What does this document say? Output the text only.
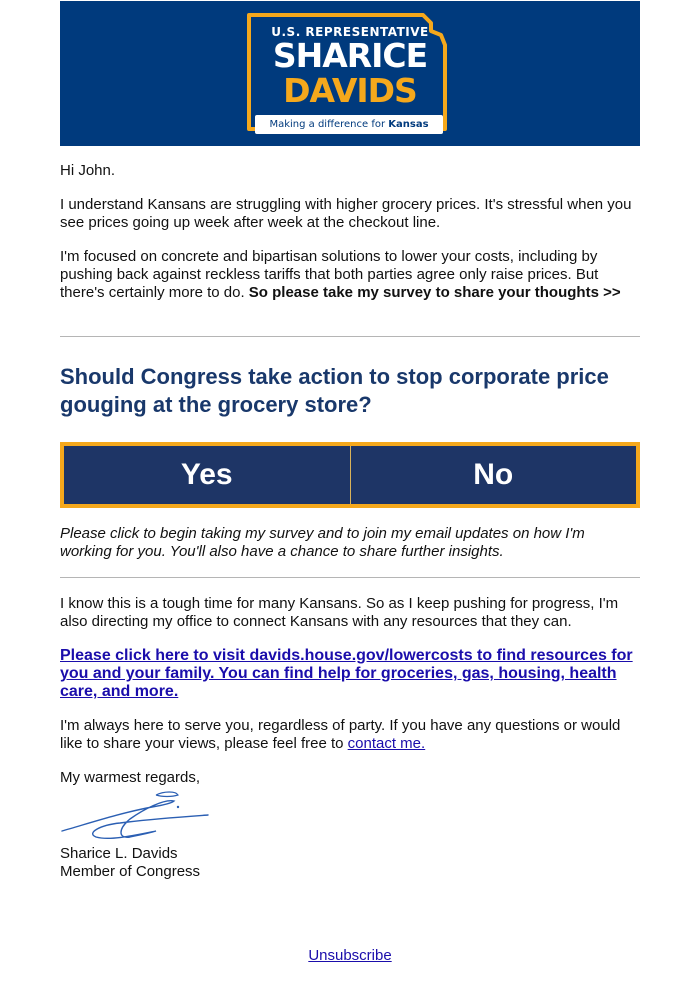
U.S. REPRESENTATIVE
SHARICE
DAVIDS
Making a difference for Kansas

Hi John.

I understand Kansans are struggling with higher grocery prices. It's stressful when you see prices going up week after week at the checkout line.

I'm focused on concrete and bipartisan solutions to lower your costs, including by pushing back against reckless tariffs that both parties agree only raise prices. But there's certainly more to do. So please take my survey to share your thoughts >>

Should Congress take action to stop corporate price gouging at the grocery store?
Yes	No

Please click to begin taking my survey and to join my email updates on how I'm working for you. You'll also have a chance to share further insights.

I know this is a tough time for many Kansans. So as I keep pushing for progress, I'm also directing my office to connect Kansans with any resources that they can.

Please click here to visit davids.house.gov/lowercosts to find resources for you and your family. You can find help for groceries, gas, housing, health care, and more.

I'm always here to serve you, regardless of party. If you have any questions or would like to share your views, please feel free to contact me.

My warmest regards,

Sharice L. Davids

Member of Congress

Unsubscribe
